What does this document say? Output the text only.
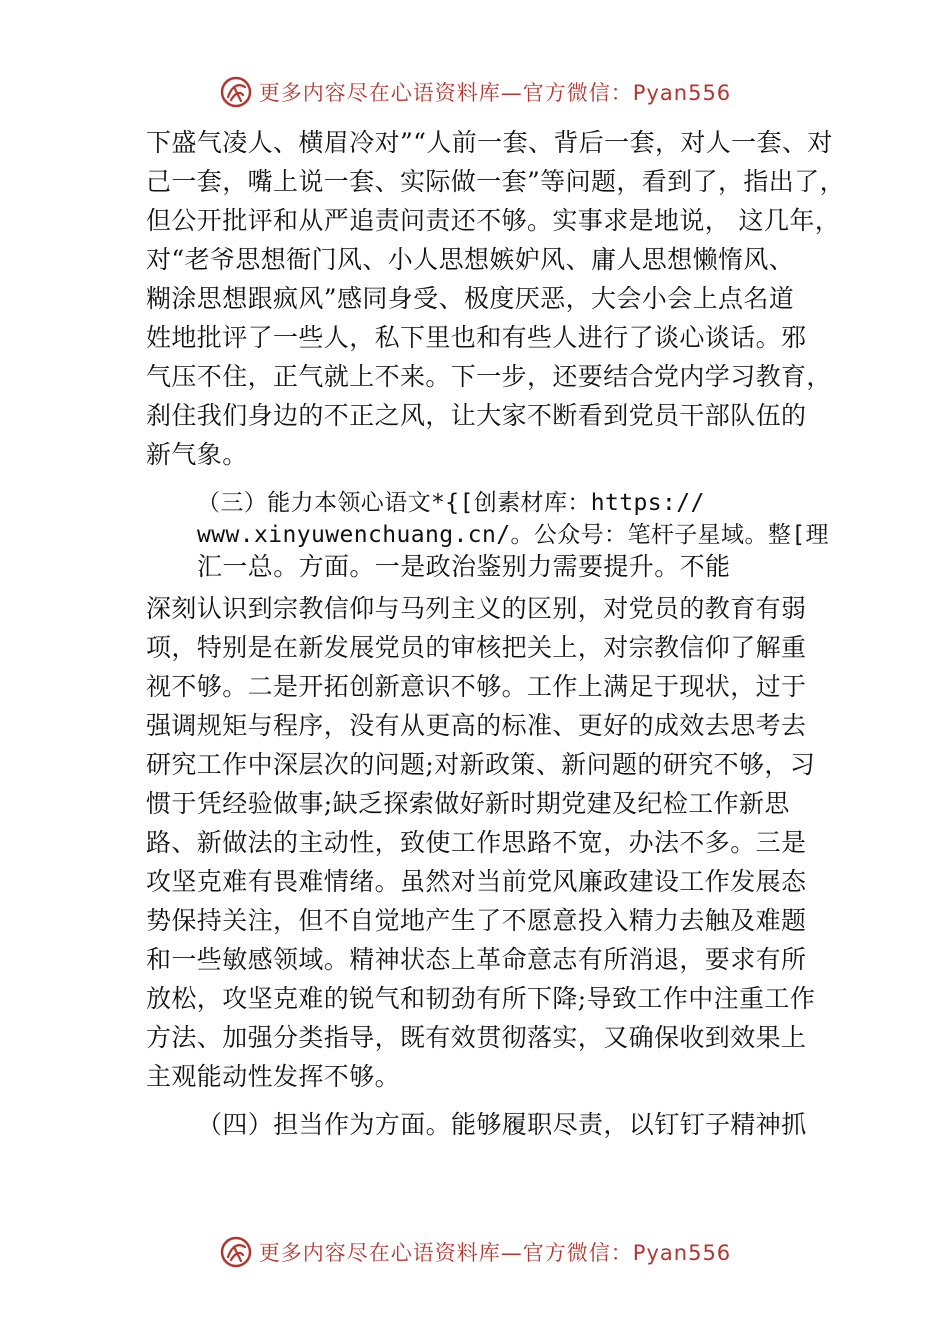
更多内容尽在心语资料库—官方微信：Pyan556
下盛气凌人、横眉冷对”“人前一套、背后一套，对人一套、对
己一套，嘴上说一套、实际做一套”等问题，看到了，指出了，
但公开批评和从严追责问责还不够。实事求是地说， 这几年，
对“老爷思想衙门风、小人思想嫉妒风、庸人思想懒惰风、
糊涂思想跟疯风”感同身受、极度厌恶，大会小会上点名道
姓地批评了一些人，私下里也和有些人进行了谈心谈话。邪
气压不住，正气就上不来。下一步，还要结合党内学习教育，
刹住我们身边的不正之风，让大家不断看到党员干部队伍的
新气象。
（三）能力本领心语文*{[创素材库：https://
www.xinyuwenchuang.cn/。公众号：笔杆子星域。整[理
汇一总。方面。一是政治鉴别力需要提升。不能
深刻认识到宗教信仰与马列主义的区别，对党员的教育有弱
项，特别是在新发展党员的审核把关上，对宗教信仰了解重
视不够。二是开拓创新意识不够。工作上满足于现状，过于
强调规矩与程序，没有从更高的标准、更好的成效去思考去
研究工作中深层次的问题;对新政策、新问题的研究不够，习
惯于凭经验做事;缺乏探索做好新时期党建及纪检工作新思
路、新做法的主动性，致使工作思路不宽，办法不多。三是
攻坚克难有畏难情绪。虽然对当前党风廉政建设工作发展态
势保持关注，但不自觉地产生了不愿意投入精力去触及难题
和一些敏感领域。精神状态上革命意志有所消退，要求有所
放松，攻坚克难的锐气和韧劲有所下降;导致工作中注重工作
方法、加强分类指导，既有效贯彻落实，又确保收到效果上
主观能动性发挥不够。
（四）担当作为方面。能够履职尽责，以钉钉子精神抓
更多内容尽在心语资料库—官方微信：Pyan556
